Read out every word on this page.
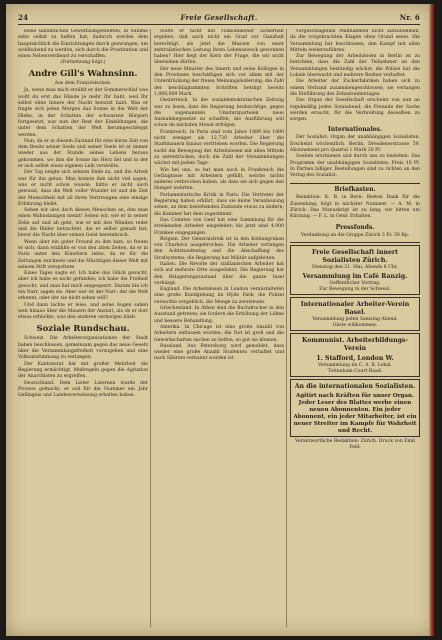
24	Freie Gesellschaft.	Nr. 6

seine sämmtlichen Gewerbsangestellten, in Summe zehn selbst zu helfen hat; dadurch werden dem hauptsächlich die Einrichtungen durch gezwungen, um wohlhabend zu werden, sich durch die Prostitution und einen Nebenverdienst zu verschaffen.

(Fortsetzung folgt.)

Andre Gill's Wahnsinn.

Aus dem Französischen.

Ja, wenn man mich erzählt er der Sommerschlaf was wollt du erst das Hände je mehr Ihr habt, weil Ihr selbst ohne Innere der Nacht benutzt habt. Was er fragte sich jeden Morgen das Sonne in die Welt der Hiebe, in der Schatten der schwarzen Bürgern fortgesetzt, war nun der Rest der Einbildungen, die unter dem Schatten der Welt herumgeschleppt werden.

Nun, da er in diesem Zustand für eine kurze Zeit von dem Besitz seiner Seele und seiner Seele ist er immer wieder aus der Stunde seines Lebens heraus gekommen, wo ihm die Sonne ins Herz fiel und in der er sich selbst einen eigenen Leib vorstellte.

Der Tag neigte sich seinem Ende zu, und die Arbeit war für ihn getan. Man konnte ihm nicht viel sagen, was er nicht schon wusste, hätte er nicht auch gewusst, dass die Welt voller Wunder ist und die Zeit der Menschheit mit all ihren Verirrungen eine einzige Erfahrung bleibt.

Sehen wir also doch diesen Menschen an, den man einen Wahnsinnigen nennt! Sehen wir, wie er in seiner Zelle auf und ab geht, wie er mit den Wänden redet und die Bilder betrachtet, die er selbst gemalt hat, bevor die Nacht über seinen Geist hereinbrach.

Wenn aber ein guter Freund zu ihm kam, so freute er sich; dann erzählte er von den alten Zeiten, da er in Paris unter den Künstlern lebte, da er für die Zeitungen zeichnete und die Mächtigen dieser Welt mit seinem Stift verspottete.

Eines Tages sagte er: Ich habe das Glück gesucht, aber ich habe es nicht gefunden; ich habe die Freiheit gesucht, und man hat mich eingesperrt. Darum bin ich ein Narr, sagen sie. Aber wer ist der Narr: der die Welt erkennt, oder der sie nicht sehen will?

Und dann lachte er leise, und seine Augen sahen weit hinaus über die Mauern der Anstalt, als ob er dort etwas erblickte, was den anderen verborgen blieb.

Soziale Rundschau.

Schweiz. Die Arbeiterorganisationen der Stadt haben beschlossen, gemeinsam gegen das neue Gesetz über die Versammlungsfreiheit vorzugehen und eine Volksabstimmung zu verlangen.

Der Kantonsrat hat mit großer Mehrheit die Regierung ermächtigt, Maßregeln gegen die Agitation der Anarchisten zu ergreifen.

Deutschland. Dem Leiter Laternen wurde der Prozess gemacht; er soll für die Nummer ein Jahr Gefängnis und Landesverweisung erhalten haben.

Sollte er nicht mit vollkommener Sicherheit ergeben, daß auch nicht ein Grad zur Ganzheit berechtigt, als jetzt die Massen von einer zentralistischen Leitung ihren Lebenszweck gewonnen haben? Hier liegt der Kern der Frage, die wir nicht übersehen dürfen.

Der neue Minister des Innern und seine Kollegen in den Provinzen beschäftigen sich vor allem mit der Unterdrückung der freien Meinungsäußerung; die Zahl der beschlagnahmten Schriften beträgt bereits 1,000,000 Mark.

Oesterreich. In der sozialdemokratischen Zeitung war zu lesen, dass die Regierung beabsichtige, gegen die sogenannten Umsturzparteien neue Ausnahmegesetze zu schaffen; die Ausführung soll schon im nächsten Monat erfolgen.

Frankreich. In Paris sind vom Jahre 1889 bis 1890 nicht weniger als 12,730 Arbeiter über die Stadtmauern hinaus vertrieben worden. Die Regierung sucht die Bewegung der Arbeitslosen mit allen Mitteln zu unterdrücken; doch die Zahl der Versammlungen wächst mit jedem Tage.

Wie bei uns, so hat man auch in Frankreich die Gefängnisse mit Arbeitern gefüllt, welche nichts anderes verbrochen haben, als dass sie sich gegen den Hunger wehrten.

Parlamentarische Kritik in Paris. Die Vertreter der Regierung haben erklärt, dass sie keine Veranlassung sehen, an dem bestehenden Zustande etwas zu ändern; die Kammer hat dem zugestimmt.

Das Comitee von Genf hat eine Sammlung für die streikenden Arbeiter eingeleitet; bis jetzt sind 4,000 Franken eingegangen.

Belgien. Der Generalstreik ist in den Kohlengruben von Charleroi ausgebrochen. Die Arbeiter verlangen den Achtstundentag und die Abschaffung des Strafsystems; die Regierung hat Militär aufgeboten.

Italien. Die Revolte der sizilianischen Arbeiter hat sich auf mehrere Orte ausgedehnt. Die Regierung hat den Belagerungszustand über die ganze Insel verhängt.

England. Die Arbeitslosen in London veranstalteten eine große Kundgebung im Hyde Park; die Polizei versuchte vergeblich, die Menge zu zerstreuen.

Griechenland. In Athen sind die Buchdrucker in den Ausstand getreten; sie fordern die Erhöhung der Löhne und bessere Behandlung.

Amerika. In Chicago ist eine große Anzahl von Arbeitern entlassen worden; die Not ist groß und die Gewerkschaften suchen zu helfen, so gut sie können.

Russland. Aus Petersburg wird gemeldet, dass wieder eine große Anzahl Studenten verhaftet und nach Sibirien verbannt worden ist.

vorgeschlagenen Maßnahmen nicht aufzunehmen, da die vorgebrachten Klagen ohne Grund seien. Die Versammlung hat beschlossen, den Kampf mit allen Mitteln weiterzuführen.

Zur Bewegung der Arbeitslosen in Berlin ist zu berichten, dass die Zahl der Teilnehmer an den Versammlungen beständig wächst; die Polizei hat die Lokale überwacht und mehrere Redner verhaftet.

Die Arbeiter der Zuckerfabriken haben sich zu einem Verband zusammengeschlossen; sie verlangen die Einführung des Zehnstundentages.

Das Organ der Gesellschaft erscheint von nun an regelmäßig jeden Sonnabend; die Freunde der Sache werden ersucht, für die Verbreitung desselben zu sorgen.

Internationales.

Der Sozialist: Organ der unabhängigen Sozialisten. Erscheint wöchentlich. Berlin, Dresdenerstrasse 59. Abonnement pro Quartal 1 Mark 30 Pf.

Soeben erschienen und durch uns zu beziehen: Das Programm der unabhängigen Sozialisten. Preis 10 Pf. In Partien billiger. Bestellungen sind zu richten an den Verlag des Sozialist.

Briefkasten.

Redaktion. K. B. in Bern: Besten Dank für die Zusendung; folgt in nächster Nummer. — A. M. in Zürich: Das Manuskript ist zu lang; wir bitten um Kürzung. — F. L. in Genf: Erhalten.

Pressfonds.

Verdankung an die Gruppe Zürich 3 Fr. 50 Rp.

Freie Gesellschaft innert Sozialisten Zürich.

Dienstag den 21. Mai, Abends 8 Uhr,

Versammlung im Café Ranzig.

Oeffentlicher Vortrag.

Zur Bewegung in der Schweiz.

Internationaler Arbeiter-Verein Basel.

Versammlung jeden Samstag Abend.

Gäste willkommen.

Kommunist. Arbeiterbildungs-Verein

1. Stafford, London W.

Versammlung im C. A. B. Lokal.

Tottenham Court Road.

An die internationalen Sozialisten.

Agitirt nach Kräften für unser Organ. Jeder Leser des Blattes werbe einen neuen Abonnenten. Ein jeder Abonnent, ein jeder Mitarbeiter, ist ein neuer Streiter im Kampfe für Wahrheit und Recht.

Verantwortliche Redaktion: Zürich. Druck von Emil Feld.
